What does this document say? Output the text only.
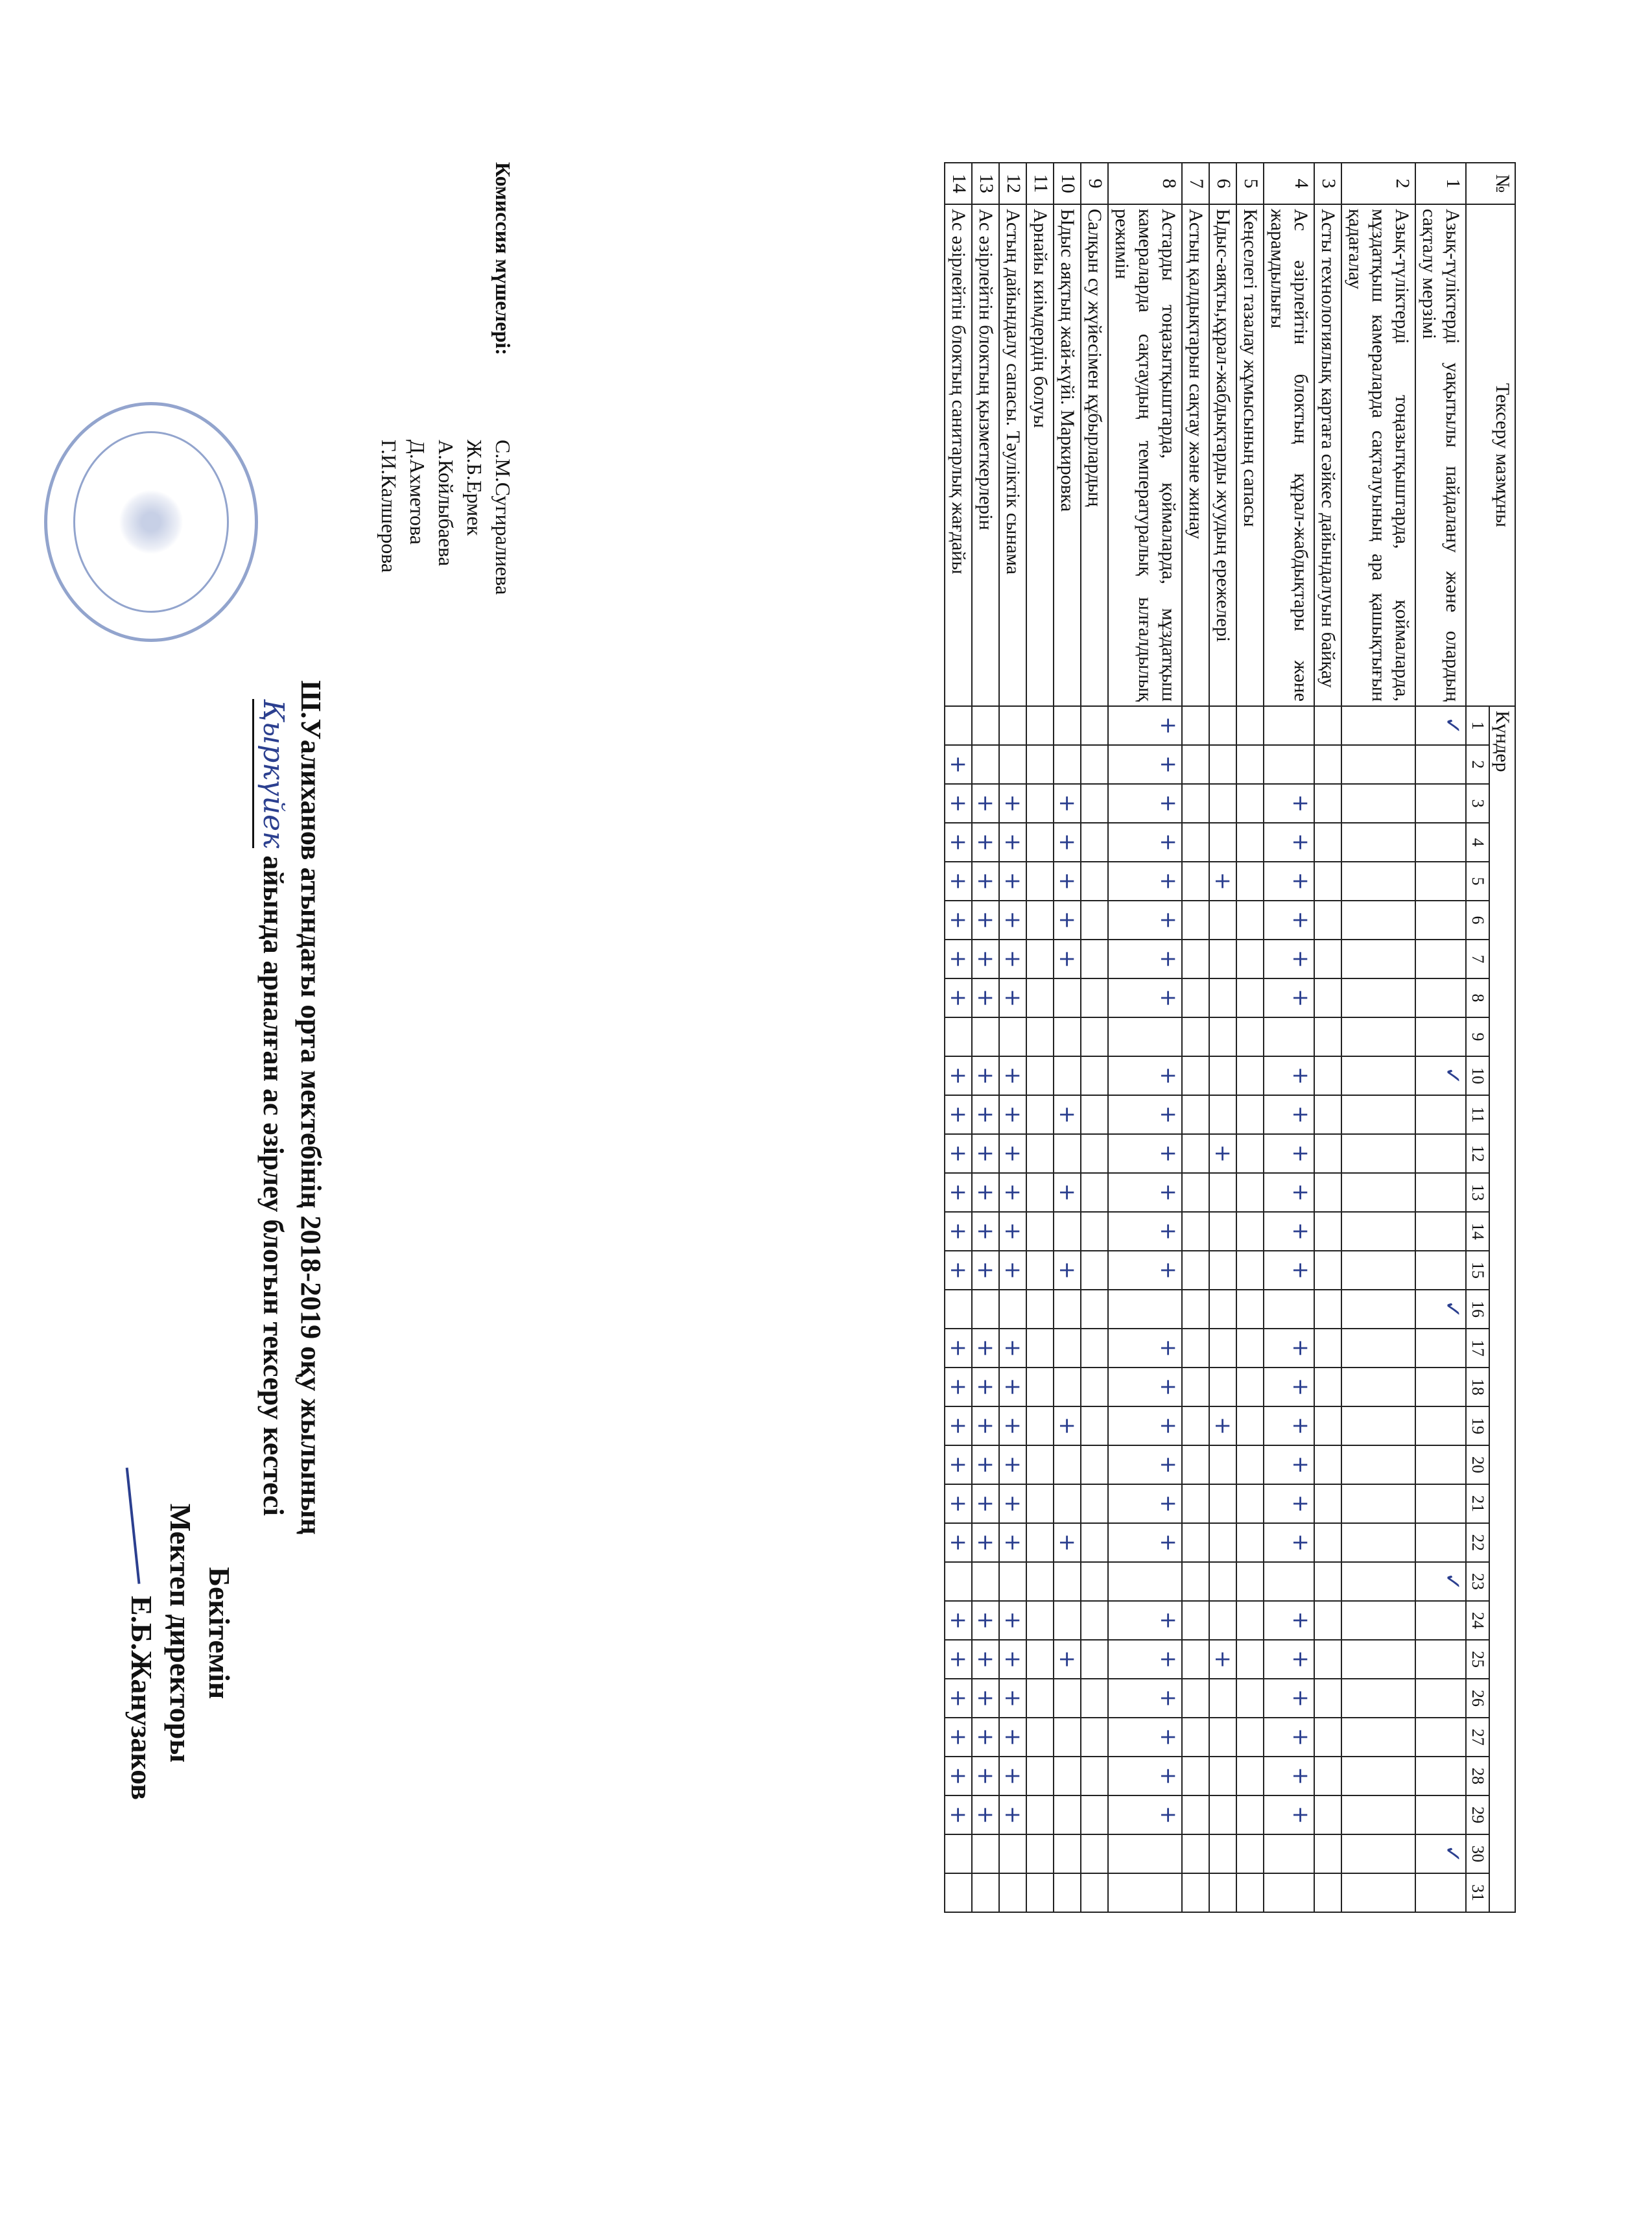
Бекітемін
Мектеп директоры
Е.Б.Жанузаков
Ш.Уалиханов атындағы орта мектебінің 2018-2019 оқу жылының
Қыркүйек айында арналған ас әзірлеу блогын тексеру кестесі
№	Тексеру мазмұны	Күндер																														
		1	2	3	4	5	6	7	8	9	10	11	12	13	14	15	16	17	18	19	20	21	22	23	24	25	26	27	28	29	30	31
1	Азық-түліктерді уақытылы пайдалану және олардың сақталу мерзімі	✓									✓						✓							✓							✓	
2	Азық-түліктерді тоңазытқыштарда, қоймаларда, мұздатқыш камераларда сақталуының ара қашықтығын қадағалау																															
3	Асты технологиялық картаға сәйкес дайындалуын байқау																															
4	Ас әзірлейтін блоктың құрал-жабдықтары және жарамдылығы			+	+	+	+	+	+		+	+	+	+	+	+		+	+	+	+	+	+		+	+	+	+	+	+		
5	Кеңселегі тазалау жұмысының сапасы																															
6	Ыдыс-аяқты,құрал-жабдықтарды жуудың ережелері					+							+							+						+						
7	Астың қалдықтарын сақтау және жинау																															
8	Астарды тоңазытқыштарда, қоймаларда, мұздатқыш камераларда сақтаудың температуралық ылғалдылық режимін	+	+	+	+	+	+	+	+		+	+	+	+	+	+		+	+	+	+	+	+		+	+	+	+	+	+		
9	Салқын су жүйесімен құбырлардың																															
10	Ыдыс аяқтың жай-күйі. Маркировка			+	+	+	+	+				+		+		+				+			+			+						
11	Арнайы киімдердің болуы																															
12	Астың дайындалу сапасы. Тәуліктік сынама			+	+	+	+	+	+		+	+	+	+	+	+		+	+	+	+	+	+		+	+	+	+	+	+		
13	Ас әзірлейтін блоктың қызметкерлерін			+	+	+	+	+	+		+	+	+	+	+	+		+	+	+	+	+	+		+	+	+	+	+	+		
14	Ас әзірлейтін блоктың санитарлық жағдайы		+	+	+	+	+	+	+		+	+	+	+	+	+		+	+	+	+	+	+		+	+	+	+	+	+		
Комиссия мүшелері:
С.М.Сугиралиева
Ж.Б.Ермек
А.Койлыбаева
Д.Ахметова
Г.И.Калшерова
